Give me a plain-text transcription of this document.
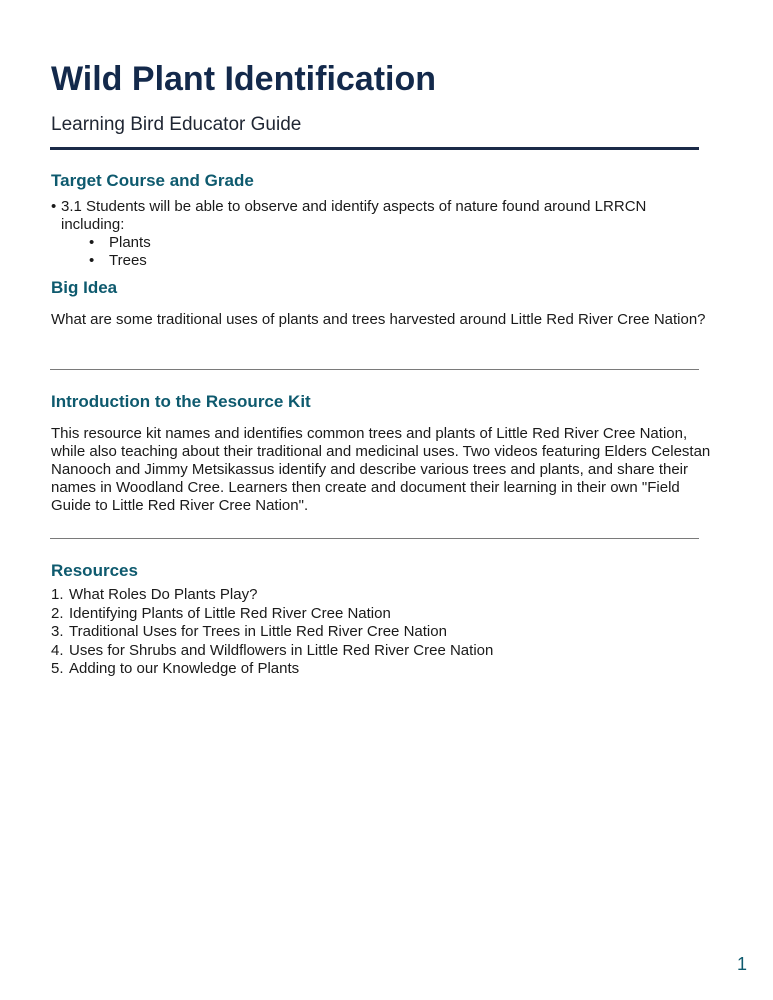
Wild Plant Identification
Learning Bird Educator Guide
Target Course and Grade
• 3.1 Students will be able to observe and identify aspects of nature found around LRRCN including:
• Plants
• Trees
Big Idea

What are some traditional uses of plants and trees harvested around Little Red River Cree Nation?

Introduction to the Resource Kit

This resource kit names and identifies common trees and plants of Little Red River Cree Nation, while also teaching about their traditional and medicinal uses. Two videos featuring Elders Celestan Nanooch and Jimmy Metsikassus identify and describe various trees and plants, and share their names in Woodland Cree. Learners then create and document their learning in their own "Field Guide to Little Red River Cree Nation".

Resources
1. What Roles Do Plants Play?
2. Identifying Plants of Little Red River Cree Nation
3. Traditional Uses for Trees in Little Red River Cree Nation
4. Uses for Shrubs and Wildflowers in Little Red River Cree Nation
5. Adding to our Knowledge of Plants
1
